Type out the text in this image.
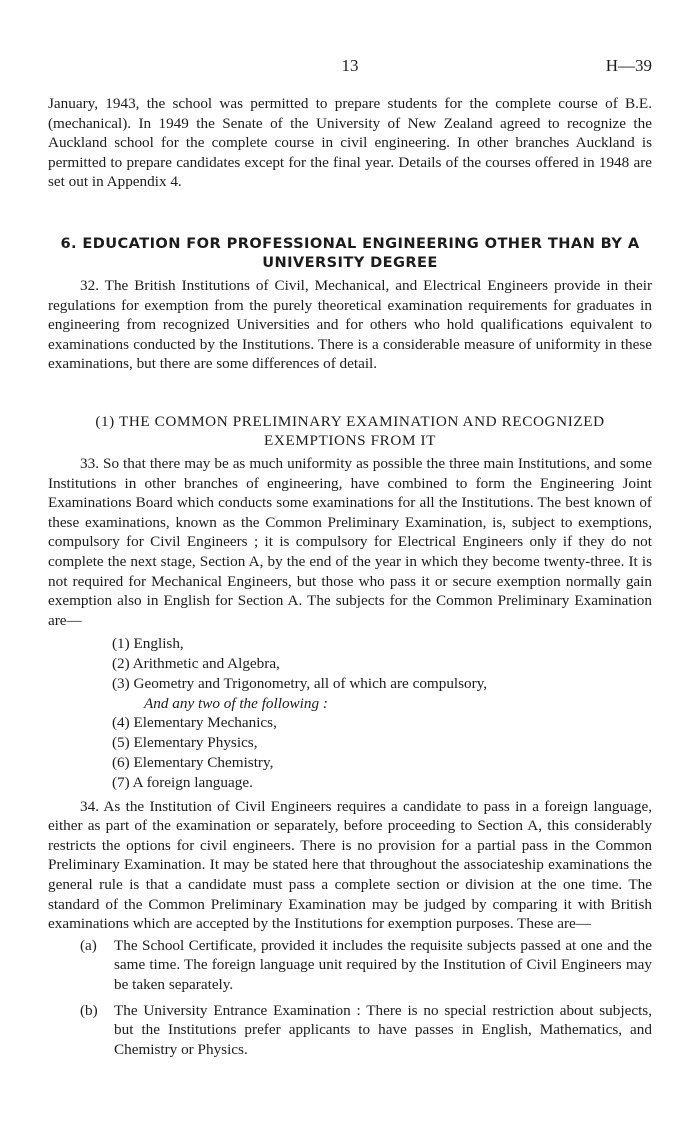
13	H—39

January, 1943, the school was permitted to prepare students for the complete course of B.E. (mechanical). In 1949 the Senate of the University of New Zealand agreed to recognize the Auckland school for the complete course in civil engineering. In other branches Auckland is permitted to prepare candidates except for the final year. Details of the courses offered in 1948 are set out in Appendix 4.

6. EDUCATION FOR PROFESSIONAL ENGINEERING OTHER THAN BY A UNIVERSITY DEGREE

32. The British Institutions of Civil, Mechanical, and Electrical Engineers provide in their regulations for exemption from the purely theoretical examination requirements for graduates in engineering from recognized Universities and for others who hold qualifications equivalent to examinations conducted by the Institutions. There is a considerable measure of uniformity in these examinations, but there are some differences of detail.

(1) THE COMMON PRELIMINARY EXAMINATION AND RECOGNIZED EXEMPTIONS FROM IT

33. So that there may be as much uniformity as possible the three main Institutions, and some Institutions in other branches of engineering, have combined to form the Engineering Joint Examinations Board which conducts some examinations for all the Institutions. The best known of these examinations, known as the Common Preliminary Examination, is, subject to exemptions, compulsory for Civil Engineers ; it is compulsory for Electrical Engineers only if they do not complete the next stage, Section A, by the end of the year in which they become twenty-three. It is not required for Mechanical Engineers, but those who pass it or secure exemption normally gain exemption also in English for Section A. The subjects for the Common Preliminary Examination are—

(1) English,
(2) Arithmetic and Algebra,
(3) Geometry and Trigonometry, all of which are compulsory,
And any two of the following :
(4) Elementary Mechanics,
(5) Elementary Physics,
(6) Elementary Chemistry,
(7) A foreign language.

34. As the Institution of Civil Engineers requires a candidate to pass in a foreign language, either as part of the examination or separately, before proceeding to Section A, this considerably restricts the options for civil engineers. There is no provision for a partial pass in the Common Preliminary Examination. It may be stated here that throughout the associateship examinations the general rule is that a candidate must pass a complete section or division at the one time. The standard of the Common Preliminary Examination may be judged by comparing it with British examinations which are accepted by the Institutions for exemption purposes. These are—

(a) The School Certificate, provided it includes the requisite subjects passed at one and the same time. The foreign language unit required by the Institution of Civil Engineers may be taken separately.
(b) The University Entrance Examination : There is no special restriction about subjects, but the Institutions prefer applicants to have passes in English, Mathematics, and Chemistry or Physics.
